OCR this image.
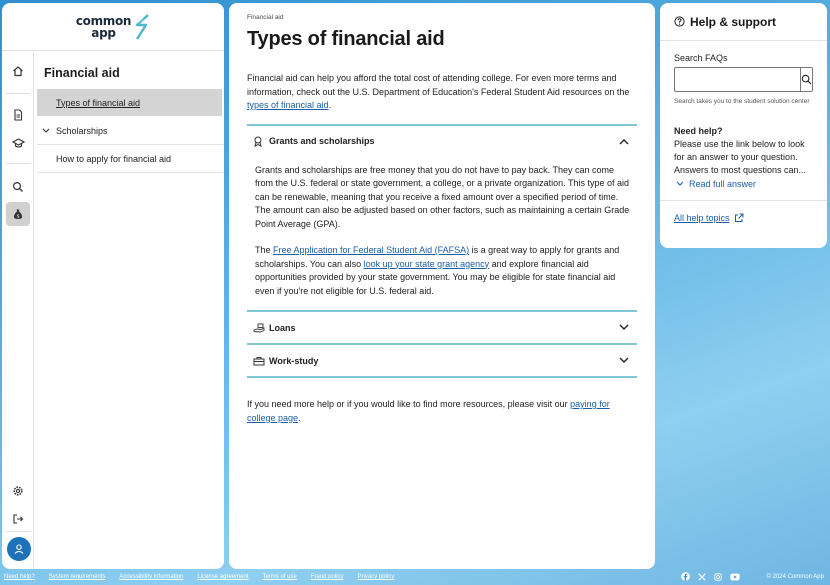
common
app
$
Financial aid
Types of financial aid
Scholarships
How to apply for financial aid
Financial aid
Types of financial aid

Financial aid can help you afford the total cost of attending college. For even more terms and information, check out the U.S. Department of Education's Federal Student Aid resources on the types of financial aid.

Grants and scholarships

Grants and scholarships are free money that you do not have to pay back. They can come from the U.S. federal or state government, a college, or a private organization. This type of aid can be renewable, meaning that you receive a fixed amount over a specified period of time. The amount can also be adjusted based on other factors, such as maintaining a certain Grade Point Average (GPA).

The Free Application for Federal Student Aid (FAFSA) is a great way to apply for grants and scholarships. You can also look up your state grant agency and explore financial aid opportunities provided by your state government. You may be eligible for state financial aid even if you're not eligible for U.S. federal aid.

Loans
Work-study

If you need more help or if you would like to find more resources, please visit our paying for college page.

Help & support
Search FAQs
Search takes you to the student solution center
Need help?
Please use the link below to look for an answer to your question. Answers to most questions can...
Read full answer
All help topics
Need help? System requirements Accessibility information License agreement Terms of use Fraud policy Privacy policy	© 2024 Common App
